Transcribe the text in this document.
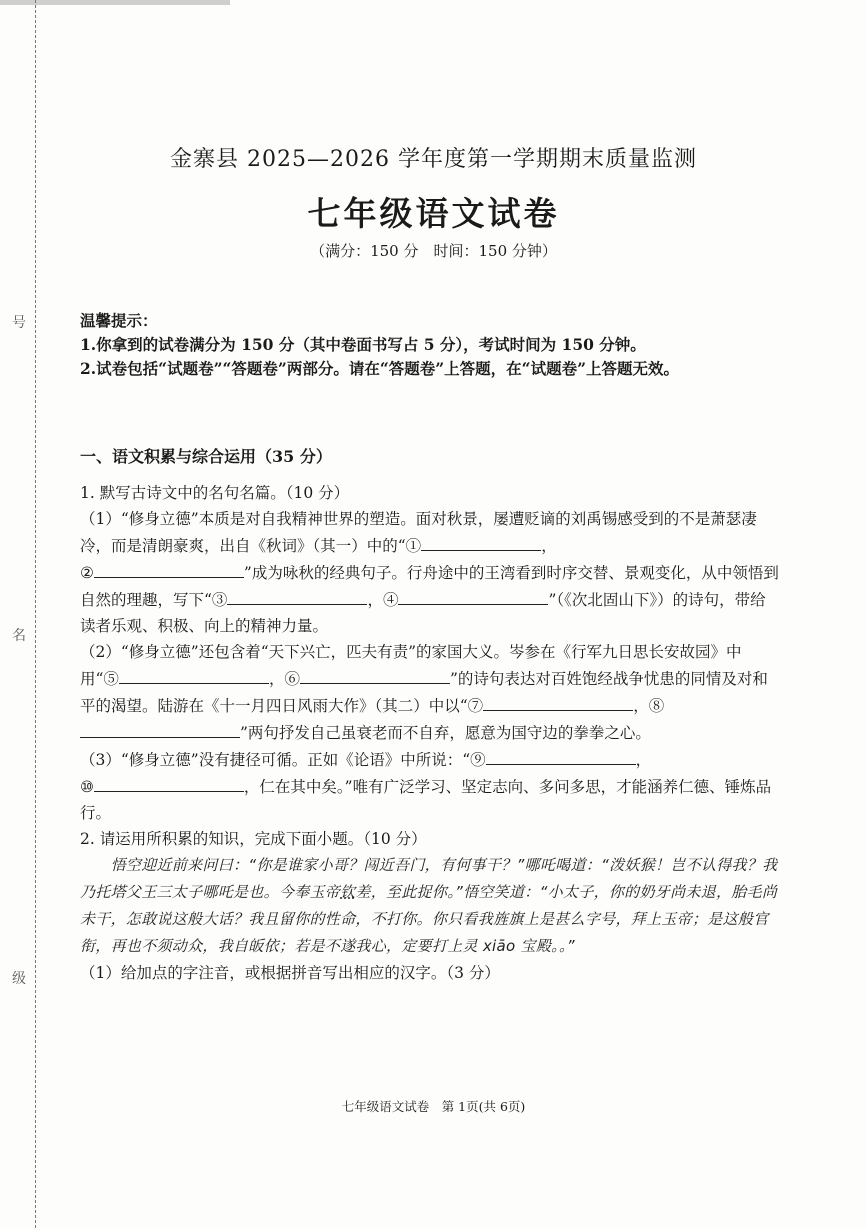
号
名
级
金寨县 2025—2026 学年度第一学期期末质量监测
七年级语文试卷
（满分：150 分　时间：150 分钟）

温馨提示：

1.你拿到的试卷满分为 150 分（其中卷面书写占 5 分），考试时间为 150 分钟。

2.试卷包括“试题卷”“答题卷”两部分。请在“答题卷”上答题，在“试题卷”上答题无效。

一、语文积累与综合运用（35 分）

1. 默写古诗文中的名句名篇。（10 分）

（1）“修身立德”本质是对自我精神世界的塑造。面对秋景，屡遭贬谪的刘禹锡感受到的不是萧瑟凄冷，而是清朗豪爽，出自《秋词》（其一）中的“①	，
②	”成为咏秋的经典句子。行舟途中的王湾看到时序交替、景观变化，从中领悟到自然的理趣，写下“③	，④	”（《次北固山下》）的诗句，带给读者乐观、积极、向上的精神力量。

（2）“修身立德”还包含着“天下兴亡，匹夫有责”的家国大义。岑参在《行军九日思长安故园》中用“⑤	，⑥	”的诗句表达对百姓饱经战争忧患的同情及对和平的渴望。陆游在《十一月四日风雨大作》（其二）中以“⑦	，⑧”两句抒发自己虽衰老而不自弃，愿意为国守边的拳拳之心。

（3）“修身立德”没有捷径可循。正如《论语》中所说：“⑨	，
⑩	，仁在其中矣。”唯有广泛学习、坚定志向、多问多思，才能涵养仁德、锤炼品行。

2. 请运用所积累的知识，完成下面小题。（10 分）

　　悟空迎近前来问曰：“你是谁家小哥？闯近吾门，有何事干？”哪吒喝道：“泼妖猴！岂不认得我？我乃托塔父王三太子哪吒是也。今奉玉帝钦差，至此捉你。”悟空笑道：“小太子，你的奶牙尚未退，胎毛尚未干，怎敢说这般大话？我且留你的性命，不打你。你只看我旌旗上是甚么字号，拜上玉帝；是这般官衔，再也不须动众，我自皈依；若是不遂我心，定要打上灵 xiāo 宝殿。。”

（1）给加点的字注音，或根据拼音写出相应的汉字。（3 分）

七年级语文试卷　第 1页(共 6页)
